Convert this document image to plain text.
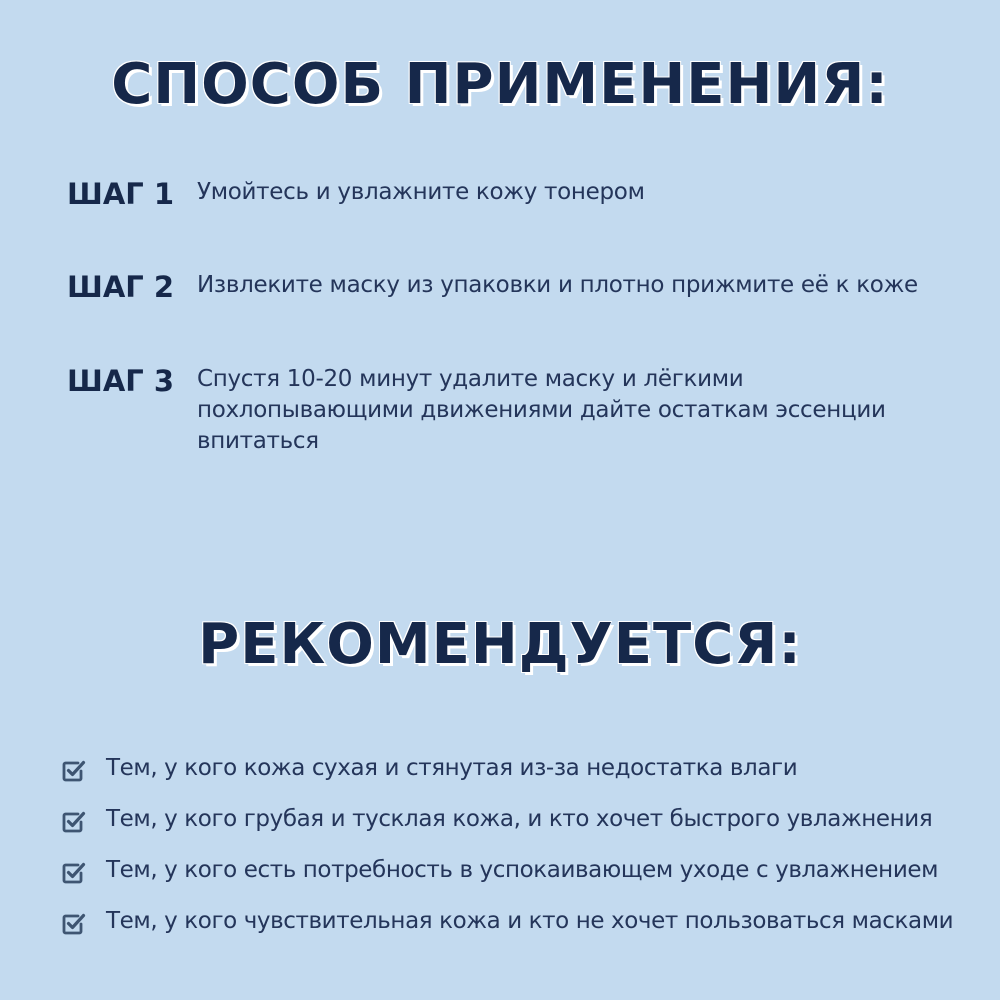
СПОСОБ ПРИМЕНЕНИЯ:
ШАГ 1 Умойтесь и увлажните кожу тонером
ШАГ 2 Извлеките маску из упаковки и плотно прижмите её к коже
ШАГ 3 Спустя 10-20 минут удалите маску и лёгкими похлопывающими движениями дайте остаткам эссенции впитаться
РЕКОМЕНДУЕТСЯ:
Тем, у кого кожа сухая и стянутая из-за недостатка влаги
Тем, у кого грубая и тусклая кожа, и кто хочет быстрого увлажнения
Тем, у кого есть потребность в успокаивающем уходе с увлажнением
Тем, у кого чувствительная кожа и кто не хочет пользоваться масками
